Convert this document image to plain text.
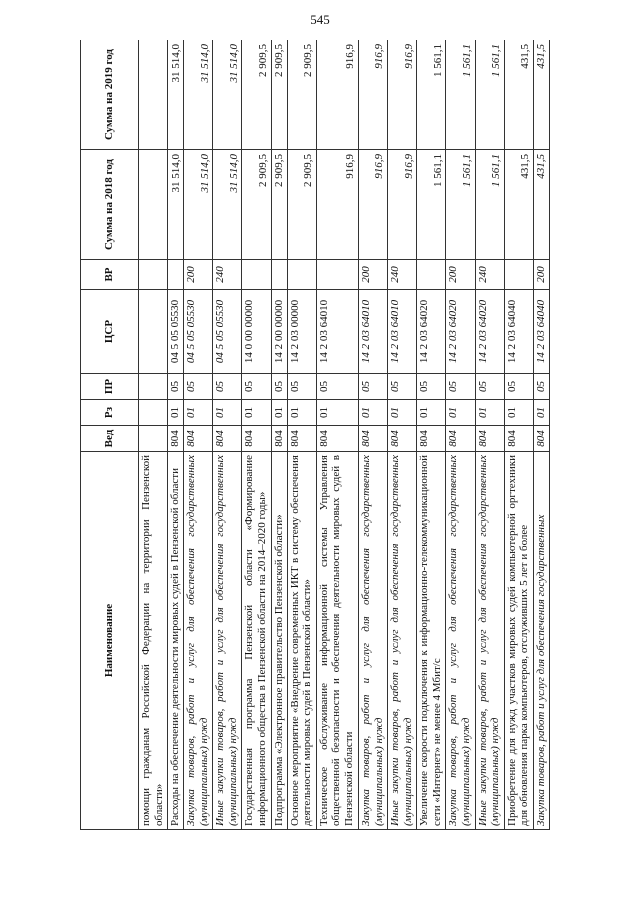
545
Наименование	Вед	Рз	ПР	ЦСР	ВР	Сумма на 2018 год	Сумма на 2019 год
помощи гражданам Российской Федерации на территории Пензенской области»							
Расходы на обеспечение деятельности мировых судей в Пензенской области	804	01	05	04 5 05 05530		31 514,0	31 514,0
Закупка товаров, работ и услуг для обеспечения государственных (муниципальных) нужд	804	01	05	04 5 05 05530	200	31 514,0	31 514,0
Иные закупки товаров, работ и услуг для обеспечения государственных (муниципальных) нужд	804	01	05	04 5 05 05530	240	31 514,0	31 514,0
Государственная программа Пензенской области «Формирование информационного общества в Пензенской области на 2014–2020 годы»	804	01	05	14 0 00 00000		2 909,5	2 909,5
Подпрограмма «Электронное правительство Пензенской области»	804	01	05	14 2 00 00000		2 909,5	2 909,5
Основное мероприятие «Внедрение современных ИКТ в систему обеспечения деятельности мировых судей в Пензенской области»	804	01	05	14 2 03 00000		2 909,5	2 909,5
Техническое обслуживание информационной системы Управления общественной безопасности и обеспечения деятельности мировых судей в Пензенской области	804	01	05	14 2 03 64010		916,9	916,9
Закупка товаров, работ и услуг для обеспечения государственных (муниципальных) нужд	804	01	05	14 2 03 64010	200	916,9	916,9
Иные закупки товаров, работ и услуг для обеспечения государственных (муниципальных) нужд	804	01	05	14 2 03 64010	240	916,9	916,9
Увеличение скорости подключения к информационно-телекоммуникационной сети «Интернет» не менее 4 Мбит/с	804	01	05	14 2 03 64020		1 561,1	1 561,1
Закупка товаров, работ и услуг для обеспечения государственных (муниципальных) нужд	804	01	05	14 2 03 64020	200	1 561,1	1 561,1
Иные закупки товаров, работ и услуг для обеспечения государственных (муниципальных) нужд	804	01	05	14 2 03 64020	240	1 561,1	1 561,1
Приобретение для нужд участков мировых судей компьютерной оргтехники для обновления парка компьютеров, отслуживших 5 лет и более	804	01	05	14 2 03 64040		431,5	431,5
Закупка товаров, работ и услуг для обеспечения государственных	804	01	05	14 2 03 64040	200	431,5	431,5
